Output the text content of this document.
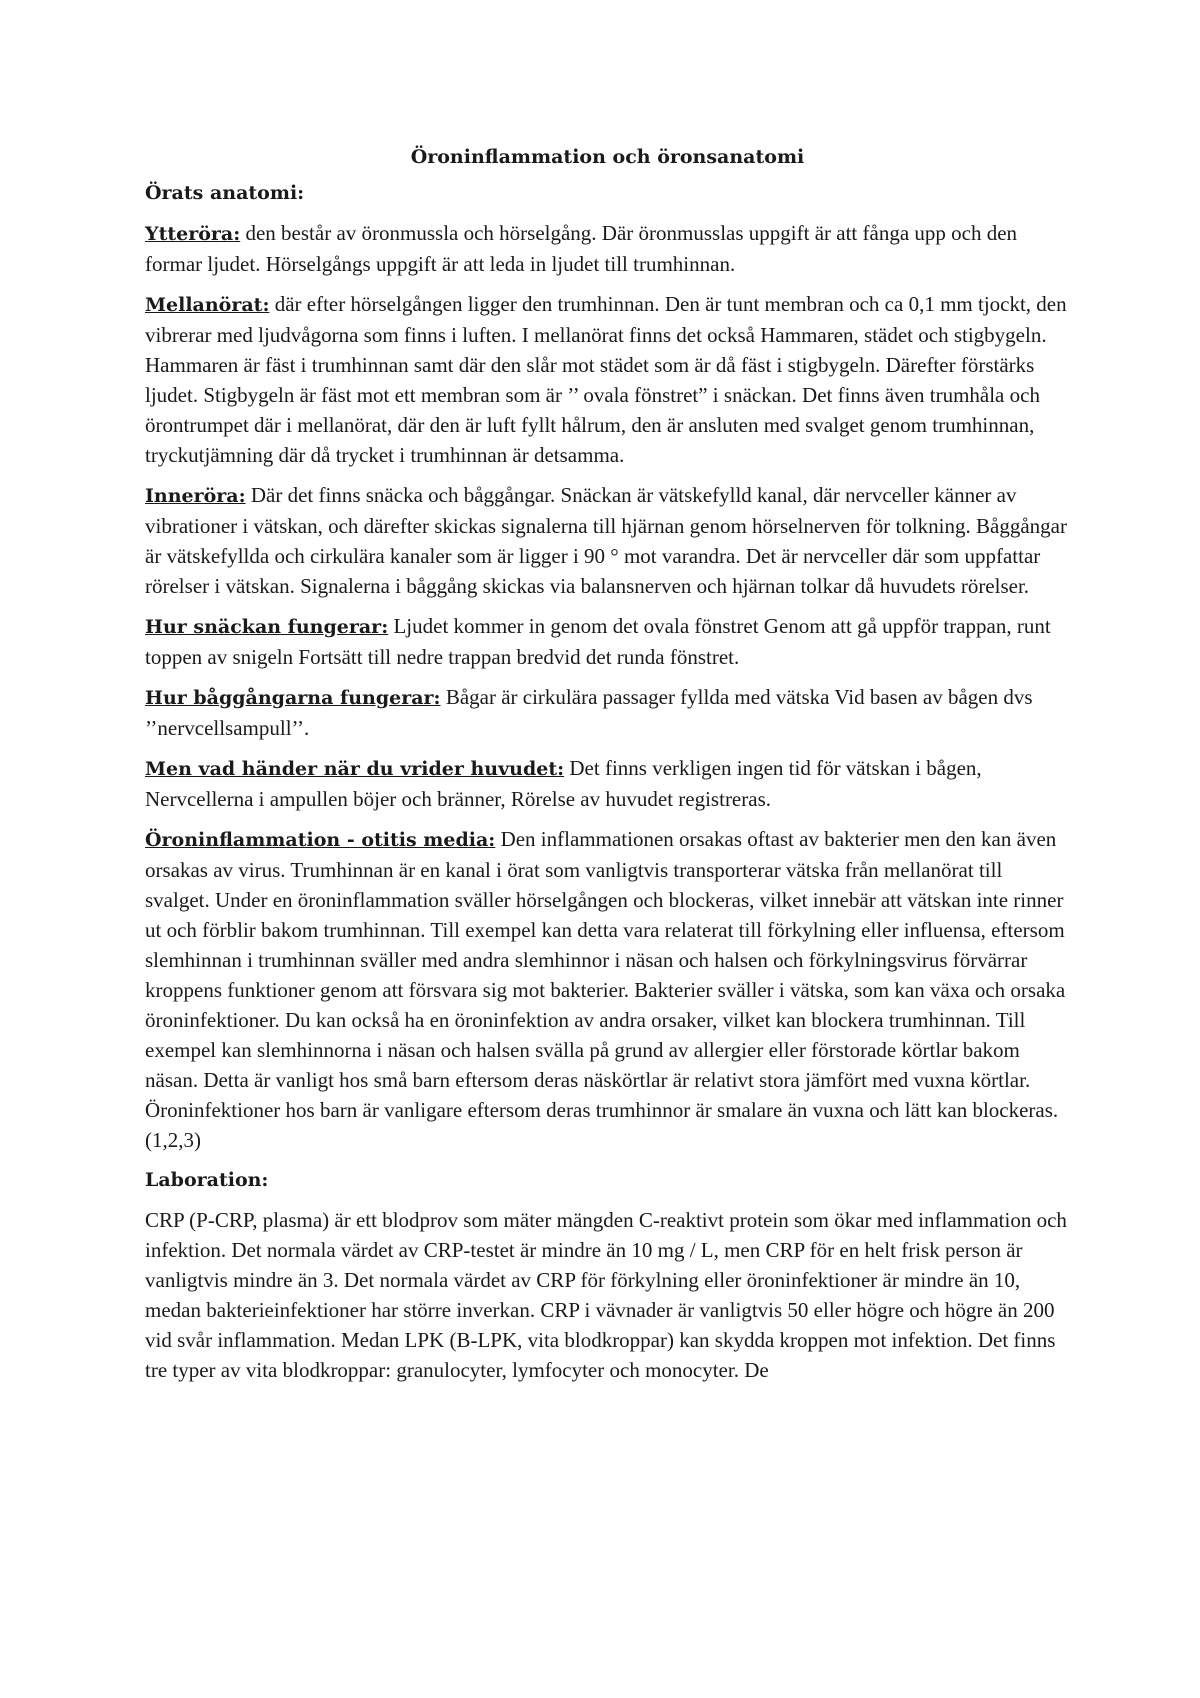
Öroninflammation och öronsanatomi
Örats anatomi:

Ytteröra: den består av öronmussla och hörselgång. Där öronmusslas uppgift är att fånga upp och den formar ljudet. Hörselgångs uppgift är att leda in ljudet till trumhinnan.

Mellanörat: där efter hörselgången ligger den trumhinnan. Den är tunt membran och ca 0,1 mm tjockt, den vibrerar med ljudvågorna som finns i luften. I mellanörat finns det också Hammaren, städet och stigbygeln. Hammaren är fäst i trumhinnan samt där den slår mot städet som är då fäst i stigbygeln. Därefter förstärks ljudet. Stigbygeln är fäst mot ett membran som är ’’ ovala fönstret” i snäckan. Det finns även trumhåla och örontrumpet där i mellanörat, där den är luft fyllt hålrum, den är ansluten med svalget genom trumhinnan, tryckutjämning där då trycket i trumhinnan är detsamma.

Inneröra: Där det finns snäcka och båggångar. Snäckan är vätskefylld kanal, där nervceller känner av vibrationer i vätskan, och därefter skickas signalerna till hjärnan genom hörselnerven för tolkning. Båggångar är vätskefyllda och cirkulära kanaler som är ligger i 90 ° mot varandra. Det är nervceller där som uppfattar rörelser i vätskan. Signalerna i båggång skickas via balansnerven och hjärnan tolkar då huvudets rörelser.

Hur snäckan fungerar: Ljudet kommer in genom det ovala fönstret Genom att gå uppför trappan, runt toppen av snigeln Fortsätt till nedre trappan bredvid det runda fönstret.

Hur båggångarna fungerar: Bågar är cirkulära passager fyllda med vätska Vid basen av bågen dvs ’’nervcellsampull’’.

Men vad händer när du vrider huvudet: Det finns verkligen ingen tid för vätskan i bågen, Nervcellerna i ampullen böjer och bränner, Rörelse av huvudet registreras.

Öroninflammation - otitis media: Den inflammationen orsakas oftast av bakterier men den kan även orsakas av virus. Trumhinnan är en kanal i örat som vanligtvis transporterar vätska från mellanörat till svalget. Under en öroninflammation sväller hörselgången och blockeras, vilket innebär att vätskan inte rinner ut och förblir bakom trumhinnan. Till exempel kan detta vara relaterat till förkylning eller influensa, eftersom slemhinnan i trumhinnan sväller med andra slemhinnor i näsan och halsen och förkylningsvirus förvärrar kroppens funktioner genom att försvara sig mot bakterier. Bakterier sväller i vätska, som kan växa och orsaka öroninfektioner. Du kan också ha en öroninfektion av andra orsaker, vilket kan blockera trumhinnan. Till exempel kan slemhinnorna i näsan och halsen svälla på grund av allergier eller förstorade körtlar bakom näsan. Detta är vanligt hos små barn eftersom deras näskörtlar är relativt stora jämfört med vuxna körtlar. Öroninfektioner hos barn är vanligare eftersom deras trumhinnor är smalare än vuxna och lätt kan blockeras. (1,2,3)

Laboration:

CRP (P-CRP, plasma) är ett blodprov som mäter mängden C-reaktivt protein som ökar med inflammation och infektion. Det normala värdet av CRP-testet är mindre än 10 mg / L, men CRP för en helt frisk person är vanligtvis mindre än 3. Det normala värdet av CRP för förkylning eller öroninfektioner är mindre än 10, medan bakterieinfektioner har större inverkan. CRP i vävnader är vanligtvis 50 eller högre och högre än 200 vid svår inflammation. Medan LPK (B-LPK, vita blodkroppar) kan skydda kroppen mot infektion. Det finns tre typer av vita blodkroppar: granulocyter, lymfocyter och monocyter. De
